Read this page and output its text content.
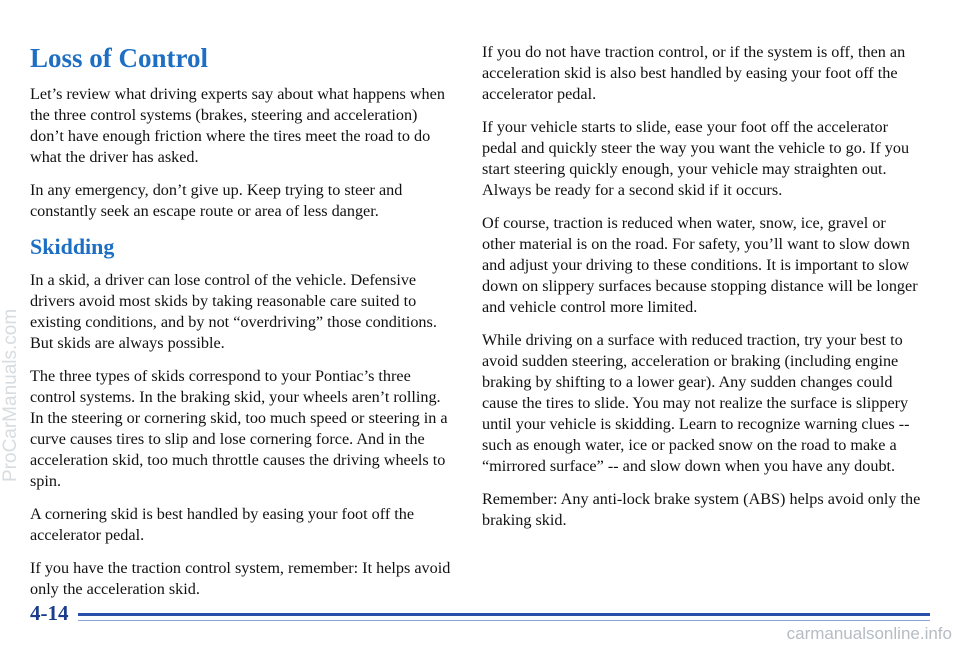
Loss of Control

Let’s review what driving experts say about what happens when the three control systems (brakes, steering and acceleration) don’t have enough friction where the tires meet the road to do what the driver has asked.

In any emergency, don’t give up. Keep trying to steer and constantly seek an escape route or area of less danger.

Skidding

In a skid, a driver can lose control of the vehicle. Defensive drivers avoid most skids by taking reasonable care suited to existing conditions, and by not “overdriving” those conditions. But skids are always possible.

The three types of skids correspond to your Pontiac’s three control systems. In the braking skid, your wheels aren’t rolling. In the steering or cornering skid, too much speed or steering in a curve causes tires to slip and lose cornering force. And in the acceleration skid, too much throttle causes the driving wheels to spin.

A cornering skid is best handled by easing your foot off the accelerator pedal.

If you have the traction control system, remember: It helps avoid only the acceleration skid.

If you do not have traction control, or if the system is off, then an acceleration skid is also best handled by easing your foot off the accelerator pedal.

If your vehicle starts to slide, ease your foot off the accelerator pedal and quickly steer the way you want the vehicle to go. If you start steering quickly enough, your vehicle may straighten out. Always be ready for a second skid if it occurs.

Of course, traction is reduced when water, snow, ice, gravel or other material is on the road. For safety, you’ll want to slow down and adjust your driving to these conditions. It is important to slow down on slippery surfaces because stopping distance will be longer and vehicle control more limited.

While driving on a surface with reduced traction, try your best to avoid sudden steering, acceleration or braking (including engine braking by shifting to a lower gear). Any sudden changes could cause the tires to slide. You may not realize the surface is slippery until your vehicle is skidding. Learn to recognize warning clues -- such as enough water, ice or packed snow on the road to make a “mirrored surface” -- and slow down when you have any doubt.

Remember: Any anti-lock brake system (ABS) helps avoid only the braking skid.

4-14
ProCarManuals.com
carmanualsonline.info
